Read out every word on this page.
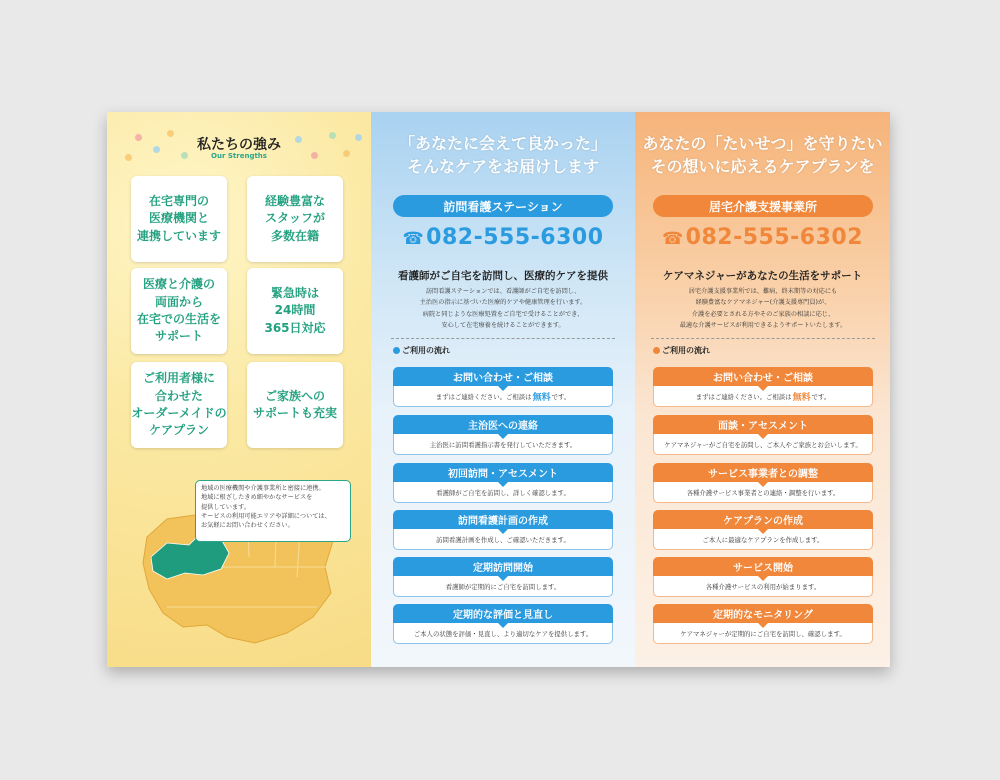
私たちの強み
Our Strengths
在宅専門の
医療機関と
連携しています
経験豊富な
スタッフが
多数在籍
医療と介護の
両面から
在宅での生活を
サポート
緊急時は
24時間
365日対応
ご利用者様に
合わせた
オーダーメイドの
ケアプラン
ご家族への
サポートも充実
地域の医療機関や介護事業所と密接に連携。
地域に根ざしたきめ細やかなサービスを
提供しています。
サービスの利用可能エリアや詳細については、
お気軽にお問い合わせください。
「あなたに会えて良かった」
そんなケアをお届けします
訪問看護ステーション
☎082-555-6300
看護師がご自宅を訪問し、医療的ケアを提供
訪問看護ステーションでは、看護師がご自宅を訪問し、
主治医の指示に基づいた医療的ケアや健康管理を行います。
病院と同じような医療処置をご自宅で受けることができ、
安心して在宅療養を続けることができます。
ご利用の流れ
お問い合わせ・ご相談
まずはご連絡ください。ご相談は 無料 です。
主治医への連絡
主治医に訪問看護指示書を発行していただきます。
初回訪問・アセスメント
看護師がご自宅を訪問し、詳しく確認します。
訪問看護計画の作成
訪問看護計画を作成し、ご確認いただきます。
定期訪問開始
看護師が定期的にご自宅を訪問します。
定期的な評価と見直し
ご本人の状態を評価・見直し、より適切なケアを提供します。
あなたの「たいせつ」を守りたい
その想いに応えるケアプランを
居宅介護支援事業所
☎082-555-6302
ケアマネジャーがあなたの生活をサポート
居宅介護支援事業所では、難病、終末期等の対応にも
経験豊富なケアマネジャー(介護支援専門員)が、
介護を必要とされる方やそのご家族の相談に応じ、
最適な介護サービスが利用できるようサポートいたします。
ご利用の流れ
お問い合わせ・ご相談
まずはご連絡ください。ご相談は 無料 です。
面談・アセスメント
ケアマネジャーがご自宅を訪問し、ご本人やご家族とお会いします。
サービス事業者との調整
各種介護サービス事業者との連絡・調整を行います。
ケアプランの作成
ご本人に最適なケアプランを作成します。
サービス開始
各種介護サービスの利用が始まります。
定期的なモニタリング
ケアマネジャーが定期的にご自宅を訪問し、確認します。
